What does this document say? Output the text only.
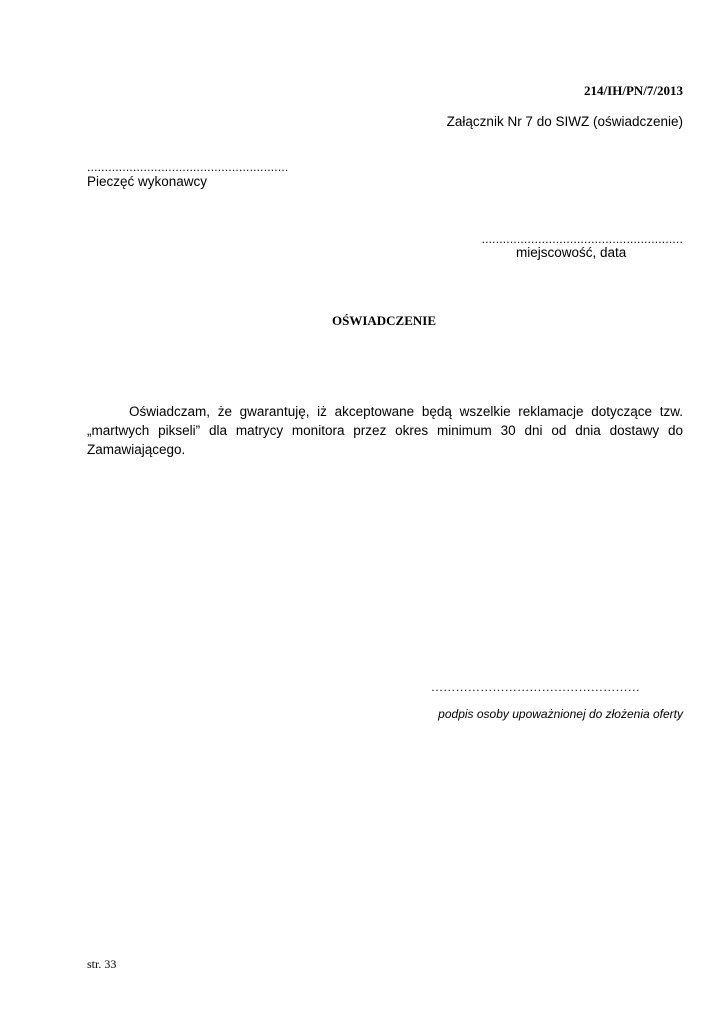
214/IH/PN/7/2013
Załącznik Nr 7 do SIWZ (oświadczenie)
.........................................................
Pieczęć wykonawcy
.........................................................
miejscowość, data
OŚWIADCZENIE
Oświadczam, że gwarantuję, iż akceptowane będą wszelkie reklamacje dotyczące tzw. „martwych pikseli” dla matrycy monitora przez okres minimum 30 dni od dnia dostawy do Zamawiającego.
……………………………………………
podpis osoby upoważnionej do złożenia oferty
str. 33
